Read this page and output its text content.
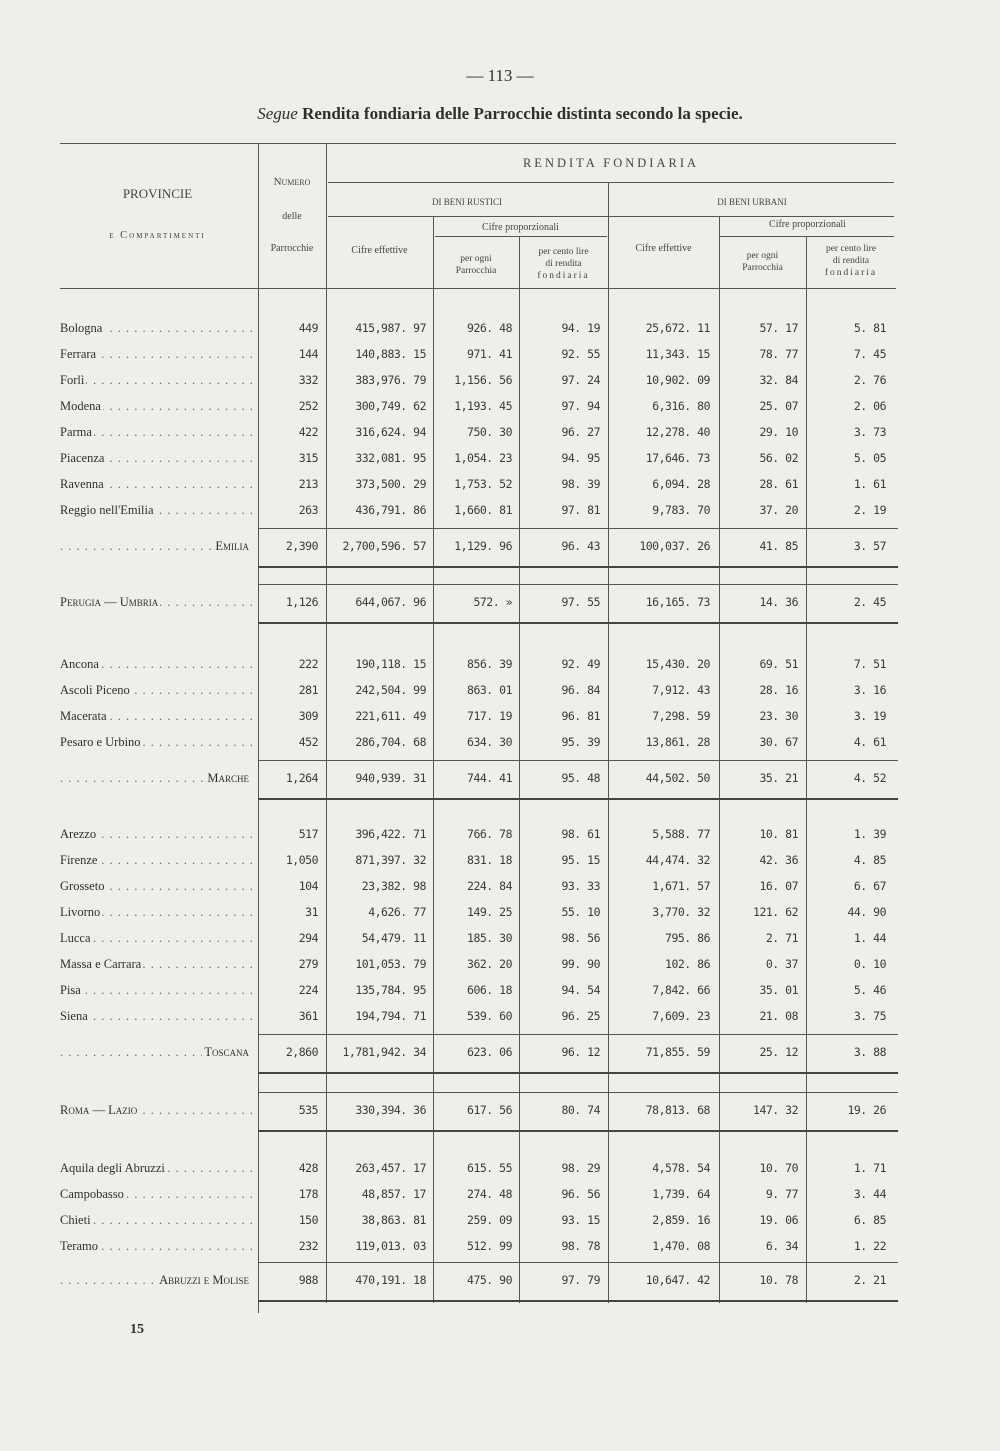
— 113 —
Segue Rendita fondiaria delle Parrocchie distinta secondo la specie.
PROVINCIE
e Compartimenti
Numero
delle
Parrocchie
RENDITA FONDIARIA
DI BENI RUSTICI	DI BENI URBANI
Cifre proporzionali	Cifre proporzionali
Cifre effettive	Cifre effettive
per ogni
Parrocchia
per cento lire
di rendita
fondiaria
per ogni
Parrocchia
per cento lire
di rendita
fondiaria
. . . Bologna	449	415,987. 97	926. 48	94. 19	25,672. 11	57. 17	5. 81
. . . Ferrara	144	140,883. 15	971. 41	92. 55	11,343. 15	78. 77	7. 45
. . . Forlì	332	383,976. 79	1,156. 56	97. 24	10,902. 09	32. 84	2. 76
. . . Modena	252	300,749. 62	1,193. 45	97. 94	6,316. 80	25. 07	2. 06
. . . Parma	422	316,624. 94	750. 30	96. 27	12,278. 40	29. 10	3. 73
. . . Piacenza	315	332,081. 95	1,054. 23	94. 95	17,646. 73	56. 02	5. 05
. . . Ravenna	213	373,500. 29	1,753. 52	98. 39	6,094. 28	28. 61	1. 61
. . . Reggio nell'Emilia	263	436,791. 86	1,660. 81	97. 81	9,783. 70	37. 20	2. 19
. . . Emilia	2,390	2,700,596. 57	1,129. 96	96. 43	100,037. 26	41. 85	3. 57
. . . Perugia — Umbria	1,126	644,067. 96	572. »	97. 55	16,165. 73	14. 36	2. 45
. . . Ancona	222	190,118. 15	856. 39	92. 49	15,430. 20	69. 51	7. 51
. . . Ascoli Piceno	281	242,504. 99	863. 01	96. 84	7,912. 43	28. 16	3. 16
. . . Macerata	309	221,611. 49	717. 19	96. 81	7,298. 59	23. 30	3. 19
. . . Pesaro e Urbino	452	286,704. 68	634. 30	95. 39	13,861. 28	30. 67	4. 61
. . . Marche	1,264	940,939. 31	744. 41	95. 48	44,502. 50	35. 21	4. 52
. . . Arezzo	517	396,422. 71	766. 78	98. 61	5,588. 77	10. 81	1. 39
. . . Firenze	1,050	871,397. 32	831. 18	95. 15	44,474. 32	42. 36	4. 85
. . . Grosseto	104	23,382. 98	224. 84	93. 33	1,671. 57	16. 07	6. 67
. . . Livorno	31	4,626. 77	149. 25	55. 10	3,770. 32	121. 62	44. 90
. . . Lucca	294	54,479. 11	185. 30	98. 56	795. 86	2. 71	1. 44
. . . Massa e Carrara	279	101,053. 79	362. 20	99. 90	102. 86	0. 37	0. 10
. . . Pisa	224	135,784. 95	606. 18	94. 54	7,842. 66	35. 01	5. 46
. . . Siena	361	194,794. 71	539. 60	96. 25	7,609. 23	21. 08	3. 75
. . . Toscana	2,860	1,781,942. 34	623. 06	96. 12	71,855. 59	25. 12	3. 88
. . . Roma — Lazio	535	330,394. 36	617. 56	80. 74	78,813. 68	147. 32	19. 26
. . . Aquila degli Abruzzi	428	263,457. 17	615. 55	98. 29	4,578. 54	10. 70	1. 71
. . . Campobasso	178	48,857. 17	274. 48	96. 56	1,739. 64	9. 77	3. 44
. . . Chieti	150	38,863. 81	259. 09	93. 15	2,859. 16	19. 06	6. 85
. . . Teramo	232	119,013. 03	512. 99	98. 78	1,470. 08	6. 34	1. 22
. . . Abruzzi e Molise	988	470,191. 18	475. 90	97. 79	10,647. 42	10. 78	2. 21
15
